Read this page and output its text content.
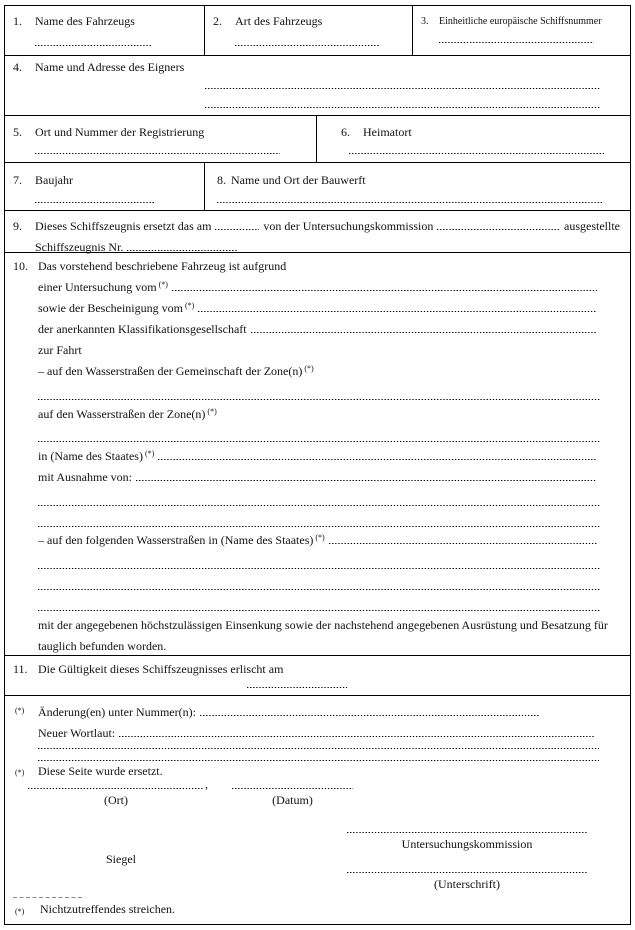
1. Name des Fahrzeugs	2. Art des Fahrzeugs	3. Einheitliche europäische Schiffsnummer
4. Name und Adresse des Eigners
5. Ort und Nummer der Registrierung	6. Heimatort
7. Baujahr	8. Name und Ort der Bauwerft
9.	Dieses Schiffszeugnis ersetzt das am	von der Untersuchungskommission	ausgestellte
Schiffszeugnis Nr.
10. Das vorstehend beschriebene Fahrzeug ist aufgrund
einer Untersuchung vom (*)
sowie der Bescheinigung vom (*)
der anerkannten Klassifikationsgesellschaft
zur Fahrt
– auf den Wasserstraßen der Gemeinschaft der Zone(n) (*)
auf den Wasserstraßen der Zone(n) (*)
in (Name des Staates) (*)
mit Ausnahme von:
– auf den folgenden Wasserstraßen in (Name des Staates) (*)
mit der angegebenen höchstzulässigen Einsenkung sowie der nachstehend angegebenen Ausrüstung und Besatzung für
tauglich befunden worden.
11. Die Gültigkeit dieses Schiffszeugnisses erlischt am
(*) Änderung(en) unter Nummer(n):
Neuer Wortlaut:
(*) Diese Seite wurde ersetzt.
,
(Ort)	(Datum)
Untersuchungskommission
Siegel
(Unterschrift)
(*) Nichtzutreffendes streichen.
